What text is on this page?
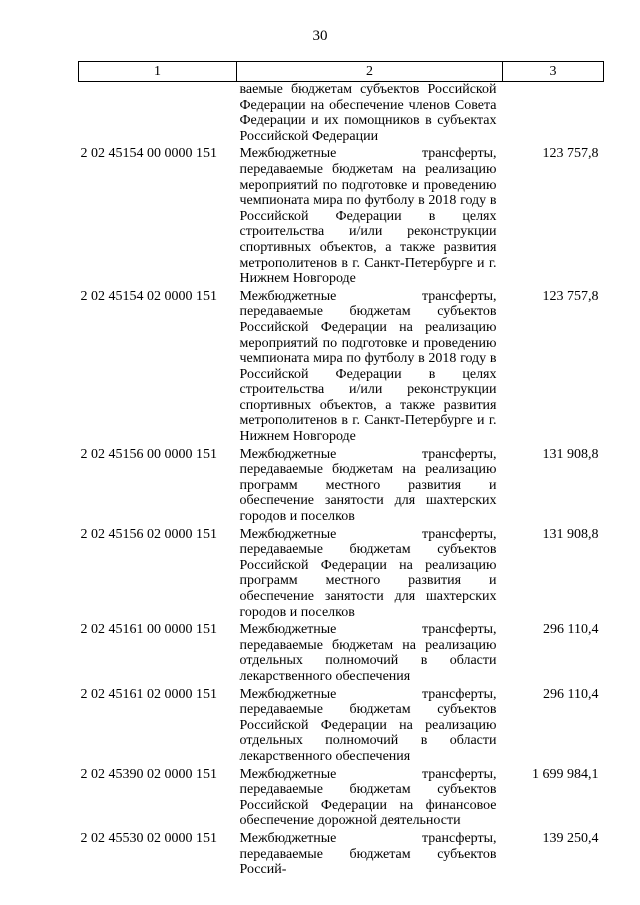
30
1	2	3
	ваемые бюджетам субъектов Российской Федерации на обеспечение членов Совета Федерации и их помощников в субъектах Российской Федерации	
2 02 45154 00 0000 151	Межбюджетные трансферты, передаваемые бюджетам на реализацию мероприятий по подготовке и проведению чемпионата мира по футболу в 2018 году в Российской Федерации в целях строительства и/или реконструкции спортивных объектов, а также развития метрополитенов в г. Санкт-Петербурге и г. Нижнем Новгороде	123 757,8
2 02 45154 02 0000 151	Межбюджетные трансферты, передаваемые бюджетам субъектов Российской Федерации на реализацию мероприятий по подготовке и проведению чемпионата мира по футболу в 2018 году в Российской Федерации в целях строительства и/или реконструкции спортивных объектов, а также развития метрополитенов в г. Санкт-Петербурге и г. Нижнем Новгороде	123 757,8
2 02 45156 00 0000 151	Межбюджетные трансферты, передаваемые бюджетам на реализацию программ местного развития и обеспечение занятости для шахтерских городов и поселков	131 908,8
2 02 45156 02 0000 151	Межбюджетные трансферты, передаваемые бюджетам субъектов Российской Федерации на реализацию программ местного развития и обеспечение занятости для шахтерских городов и поселков	131 908,8
2 02 45161 00 0000 151	Межбюджетные трансферты, передаваемые бюджетам на реализацию отдельных полномочий в области лекарственного обеспечения	296 110,4
2 02 45161 02 0000 151	Межбюджетные трансферты, передаваемые бюджетам субъектов Российской Федерации на реализацию отдельных полномочий в области лекарственного обеспечения	296 110,4
2 02 45390 02 0000 151	Межбюджетные трансферты, передаваемые бюджетам субъектов Российской Федерации на финансовое обеспечение дорожной деятельности	1 699 984,1
2 02 45530 02 0000 151	Межбюджетные трансферты, передаваемые бюджетам субъектов Россий-	139 250,4
